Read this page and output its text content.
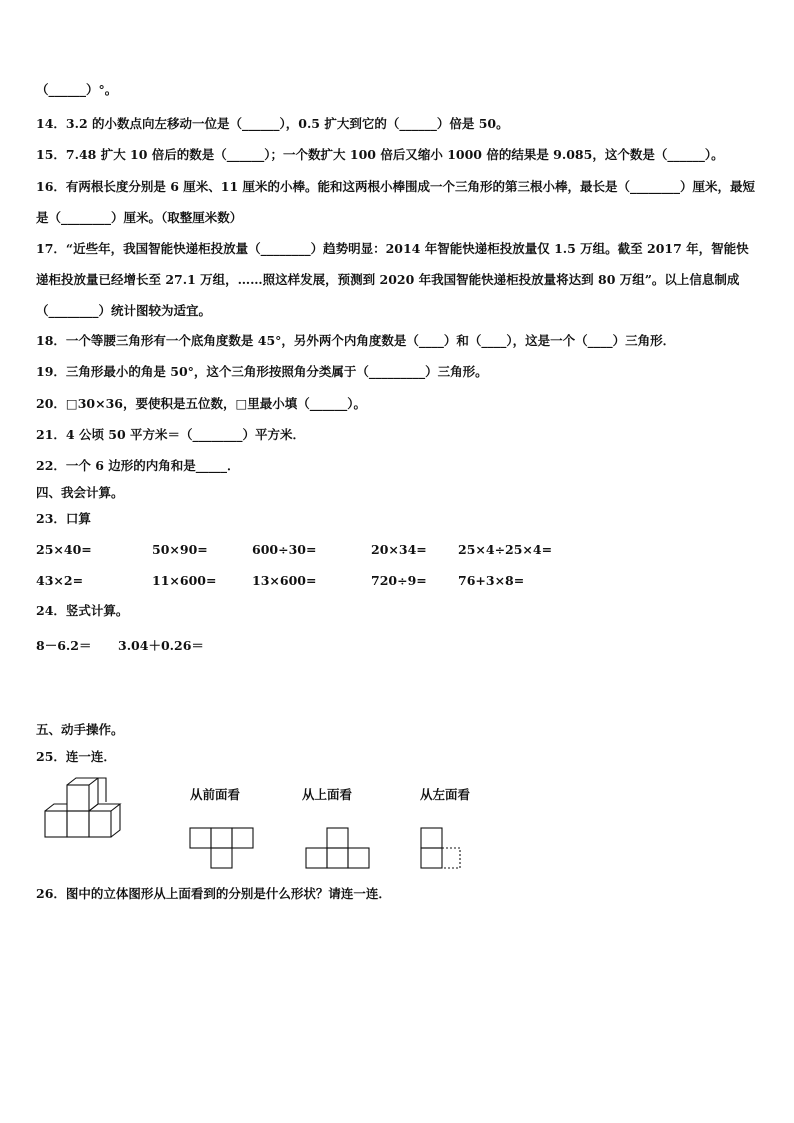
（______）°。
14．3.2 的小数点向左移动一位是（______），0.5 扩大到它的（______）倍是 50。
15．7.48 扩大 10 倍后的数是（______）；一个数扩大 100 倍后又缩小 1000 倍的结果是 9.085，这个数是（______）。
16．有两根长度分别是 6 厘米、11 厘米的小棒。能和这两根小棒围成一个三角形的第三根小棒，最长是（________）厘米，最短是（________）厘米。（取整厘米数）
17．“近些年，我国智能快递柜投放量（________）趋势明显：2014 年智能快递柜投放量仅 1.5 万组。截至 2017 年，智能快递柜投放量已经增长至 27.1 万组，……照这样发展，预测到 2020 年我国智能快递柜投放量将达到 80 万组”。以上信息制成（________）统计图较为适宜。
18．一个等腰三角形有一个底角度数是 45°，另外两个内角度数是（____）和（____），这是一个（____）三角形．
19．三角形最小的角是 50°，这个三角形按照角分类属于（_________）三角形。
20．□30×36，要使积是五位数，□里最小填（______）。
21．4 公顷 50 平方米＝（________）平方米．
22．一个 6 边形的内角和是_____．
四、我会计算。
23．口算
25×40=	50×90=	600÷30=	20×34=	25×4÷25×4=
43×2=	11×600=	13×600=	720÷9=	76+3×8=
24．竖式计算。
8－6.2＝ 3.04＋0.26＝
五、动手操作。
25．连一连．
从前面看	从上面看	从左面看
26．图中的立体图形从上面看到的分别是什么形状？请连一连．
